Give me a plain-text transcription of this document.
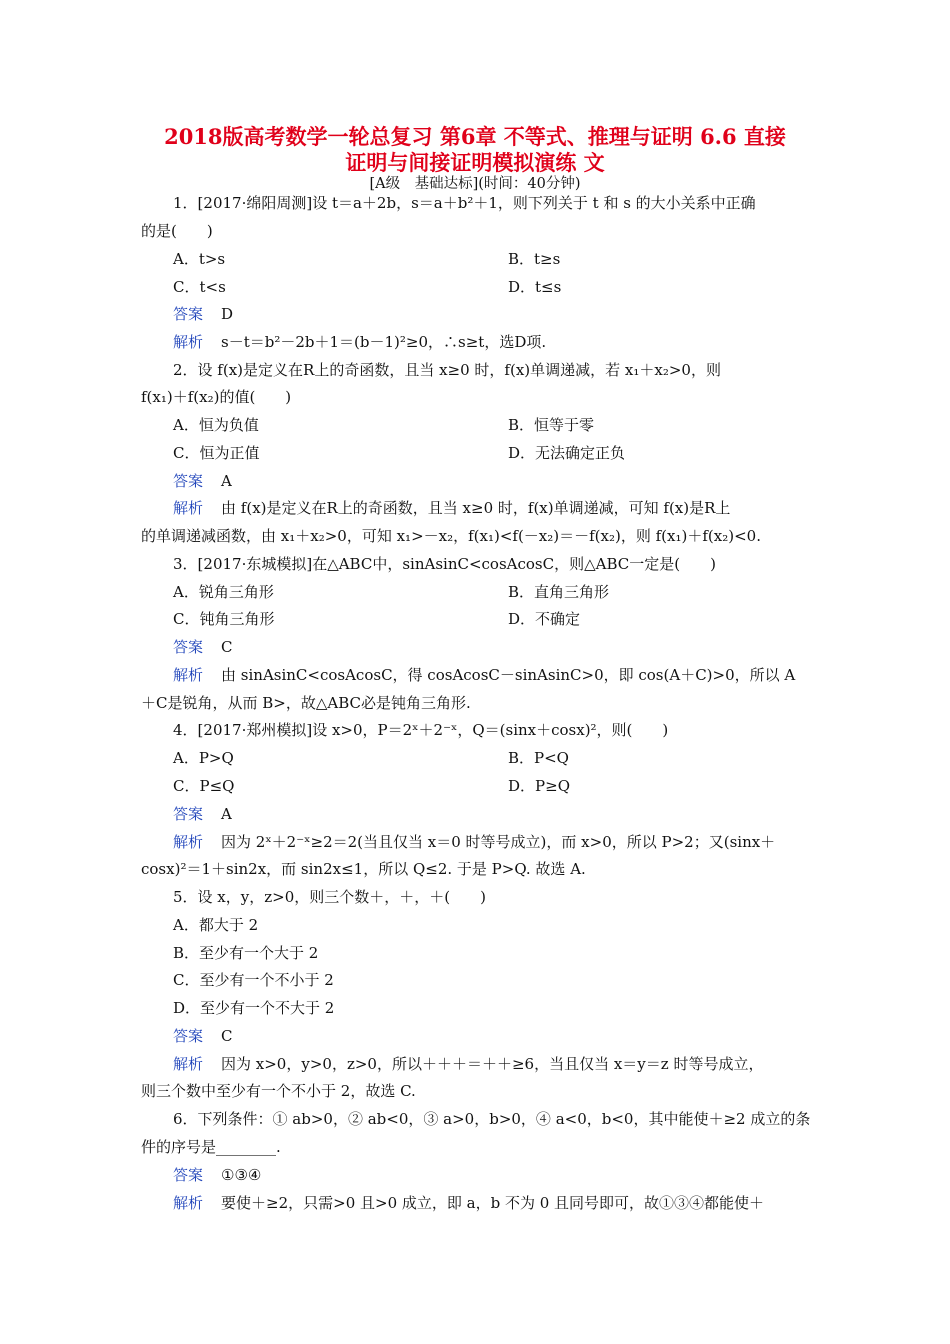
2018版高考数学一轮总复习 第6章 不等式、推理与证明 6.6 直接
证明与间接证明模拟演练 文
[A级　基础达标](时间：40分钟)
1．[2017·绵阳周测]设 t＝a＋2b，s＝a＋b²＋1，则下列关于 t 和 s 的大小关系中正确
的是(　　)
A．t>s	B．t≥s
C．t<s	D．t≤s
答案 D
解析 s－t＝b²－2b＋1＝(b－1)²≥0，∴s≥t，选D项.
2．设 f(x)是定义在R上的奇函数，且当 x≥0 时，f(x)单调递减，若 x₁＋x₂>0，则
f(x₁)＋f(x₂)的值(　　)
A．恒为负值	B．恒等于零
C．恒为正值	D．无法确定正负
答案 A
解析 由 f(x)是定义在R上的奇函数，且当 x≥0 时，f(x)单调递减，可知 f(x)是R上
的单调递减函数，由 x₁＋x₂>0，可知 x₁>－x₂，f(x₁)<f(－x₂)＝－f(x₂)，则 f(x₁)＋f(x₂)<0.
3．[2017·东城模拟]在△ABC中，sinAsinC<cosAcosC，则△ABC一定是(　　)
A．锐角三角形	B．直角三角形
C．钝角三角形	D．不确定
答案 C
解析 由 sinAsinC<cosAcosC，得 cosAcosC－sinAsinC>0，即 cos(A＋C)>0，所以 A
＋C是锐角，从而 B>，故△ABC必是钝角三角形.
4．[2017·郑州模拟]设 x>0，P＝2ˣ＋2⁻ˣ，Q＝(sinx＋cosx)²，则(　　)
A．P>Q	B．P<Q
C．P≤Q	D．P≥Q
答案 A
解析 因为 2ˣ＋2⁻ˣ≥2＝2(当且仅当 x＝0 时等号成立)，而 x>0，所以 P>2；又(sinx＋
cosx)²＝1＋sin2x，而 sin2x≤1，所以 Q≤2. 于是 P>Q. 故选 A.
5．设 x，y，z>0，则三个数＋，＋，＋(　　)
A．都大于 2
B．至少有一个大于 2
C．至少有一个不小于 2
D．至少有一个不大于 2
答案 C
解析 因为 x>0，y>0，z>0，所以＋＋＋＝＋＋≥6，当且仅当 x＝y＝z 时等号成立，
则三个数中至少有一个不小于 2，故选 C.
6．下列条件：① ab>0，② ab<0，③ a>0，b>0，④ a<0，b<0，其中能使＋≥2 成立的条
件的序号是________.
答案 ①③④
解析 要使＋≥2，只需>0 且>0 成立，即 a，b 不为 0 且同号即可，故①③④都能使＋
